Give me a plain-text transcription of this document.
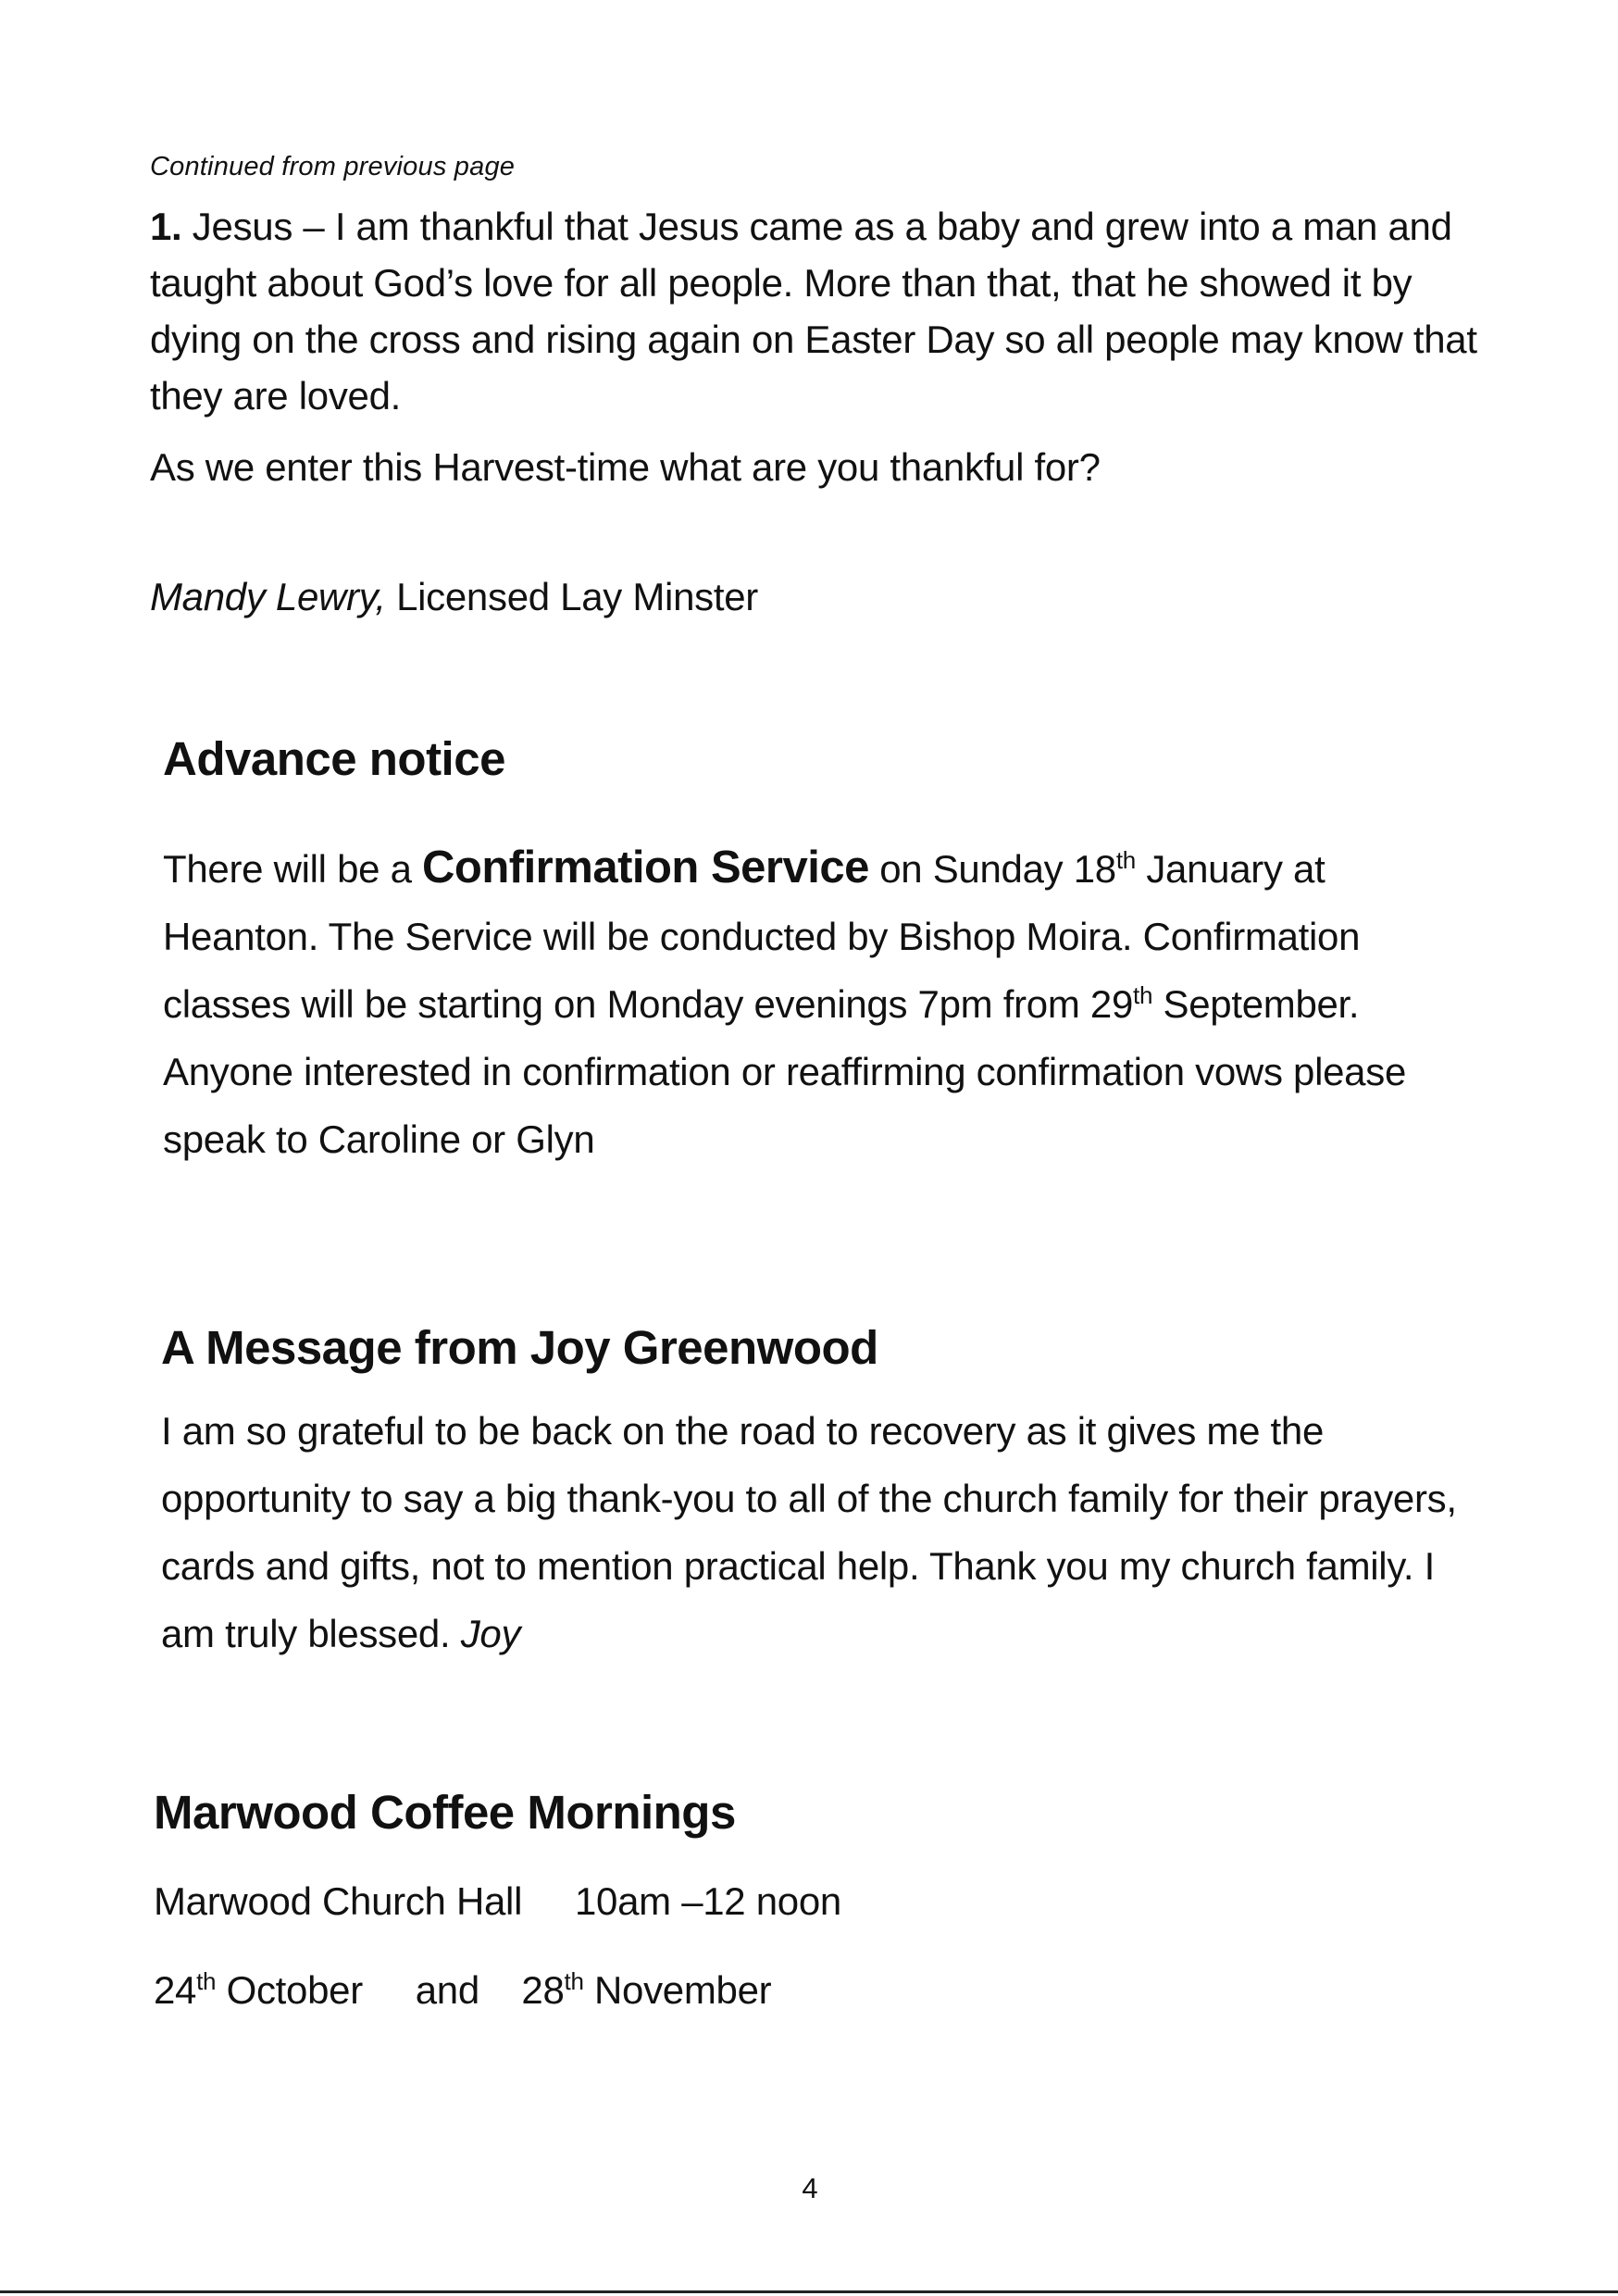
Continued from previous page

1. Jesus – I am thankful that Jesus came as a baby and grew into a man and taught about God’s love for all people. More than that, that he showed it by dying on the cross and rising again on Easter Day so all people may know that they are loved.

As we enter this Harvest-time what are you thankful for?

Mandy Lewry, Licensed Lay Minster
Advance notice
There will be a Confirmation Service on Sunday 18th January at Heanton. The Service will be conducted by Bishop Moira. Confirmation classes will be starting on Monday evenings 7pm from 29th September. Anyone interested in confirmation or reaffirming confirmation vows please speak to Caroline or Glyn
A Message from Joy Greenwood
I am so grateful to be back on the road to recovery as it gives me the opportunity to say a big thank-you to all of the church family for their prayers, cards and gifts, not to mention practical help. Thank you my church family. I am truly blessed. Joy
Marwood Coffee Mornings
Marwood Church Hall     10am –12 noon
24th October     and    28th November
4
